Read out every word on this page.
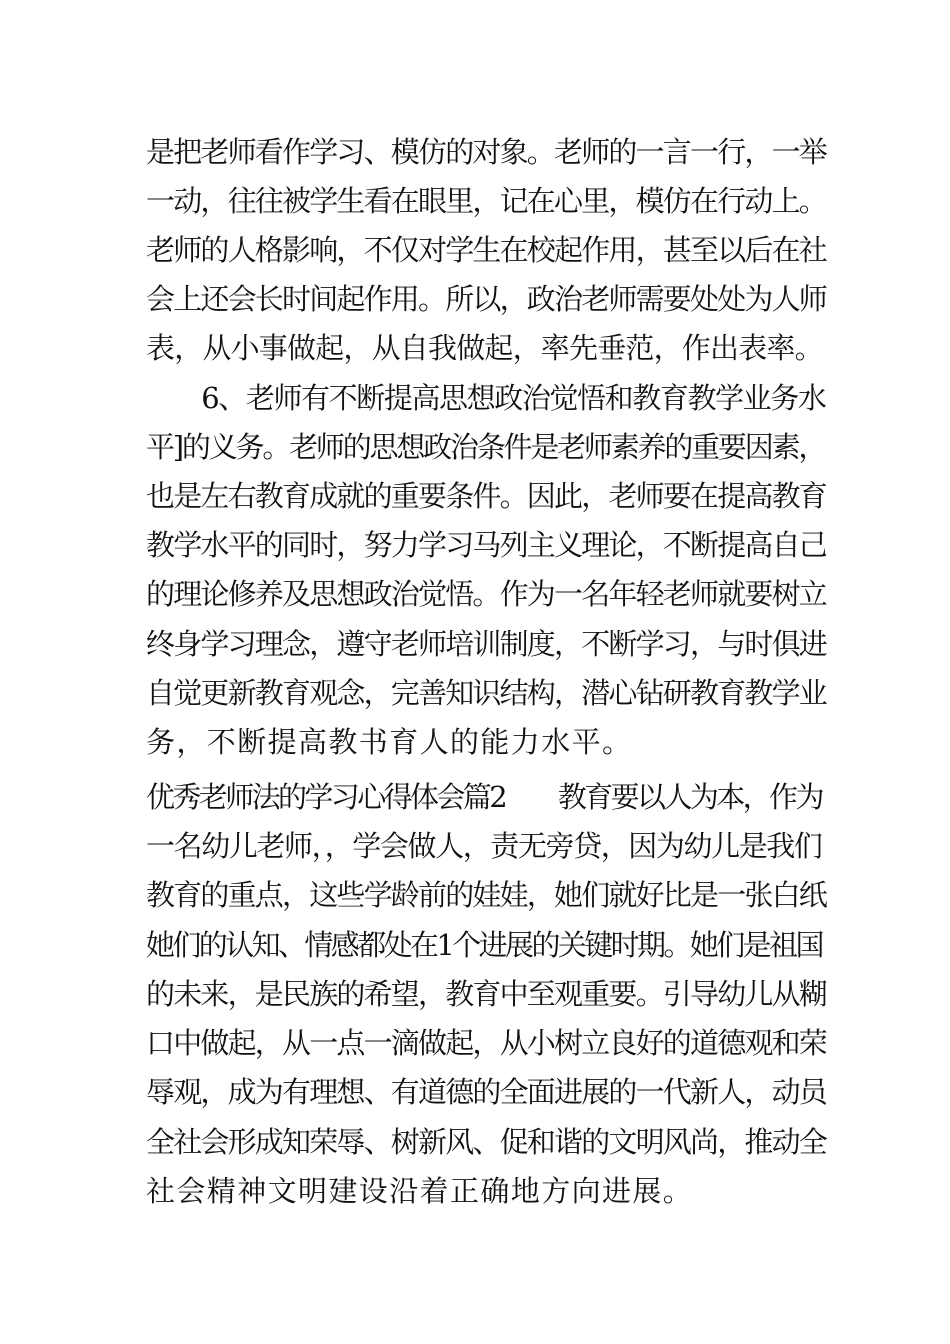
是把老师看作学习、模仿的对象。老师的一言一行，一举
一动，往往被学生看在眼里，记在心里，模仿在行动上。
老师的人格影响，不仅对学生在校起作用，甚至以后在社
会上还会长时间起作用。所以，政治老师需要处处为人师
表，从小事做起，从自我做起，率先垂范，作出表率。
　　6、老师有不断提高思想政治觉悟和教育教学业务水
平]的义务。老师的思想政治条件是老师素养的重要因素，
也是左右教育成就的重要条件。因此，老师要在提高教育
教学水平的同时，努力学习马列主义理论，不断提高自己
的理论修养及思想政治觉悟。作为一名年轻老师就要树立
终身学习理念，遵守老师培训制度，不断学习，与时俱进
自觉更新教育观念，完善知识结构，潜心钻研教育教学业
务，不断提高教书育人的能力水平。
优秀老师法的学习心得体会篇2　　教育要以人为本，作为
一名幼儿老师，，学会做人，责无旁贷，因为幼儿是我们
教育的重点，这些学龄前的娃娃，她们就好比是一张白纸
她们的认知、情感都处在1个进展的关键时期。她们是祖国
的未来，是民族的希望，教育中至观重要。引导幼儿从糊
口中做起，从一点一滴做起，从小树立良好的道德观和荣
辱观，成为有理想、有道德的全面进展的一代新人，动员
全社会形成知荣辱、树新风、促和谐的文明风尚，推动全
社会精神文明建设沿着正确地方向进展。
